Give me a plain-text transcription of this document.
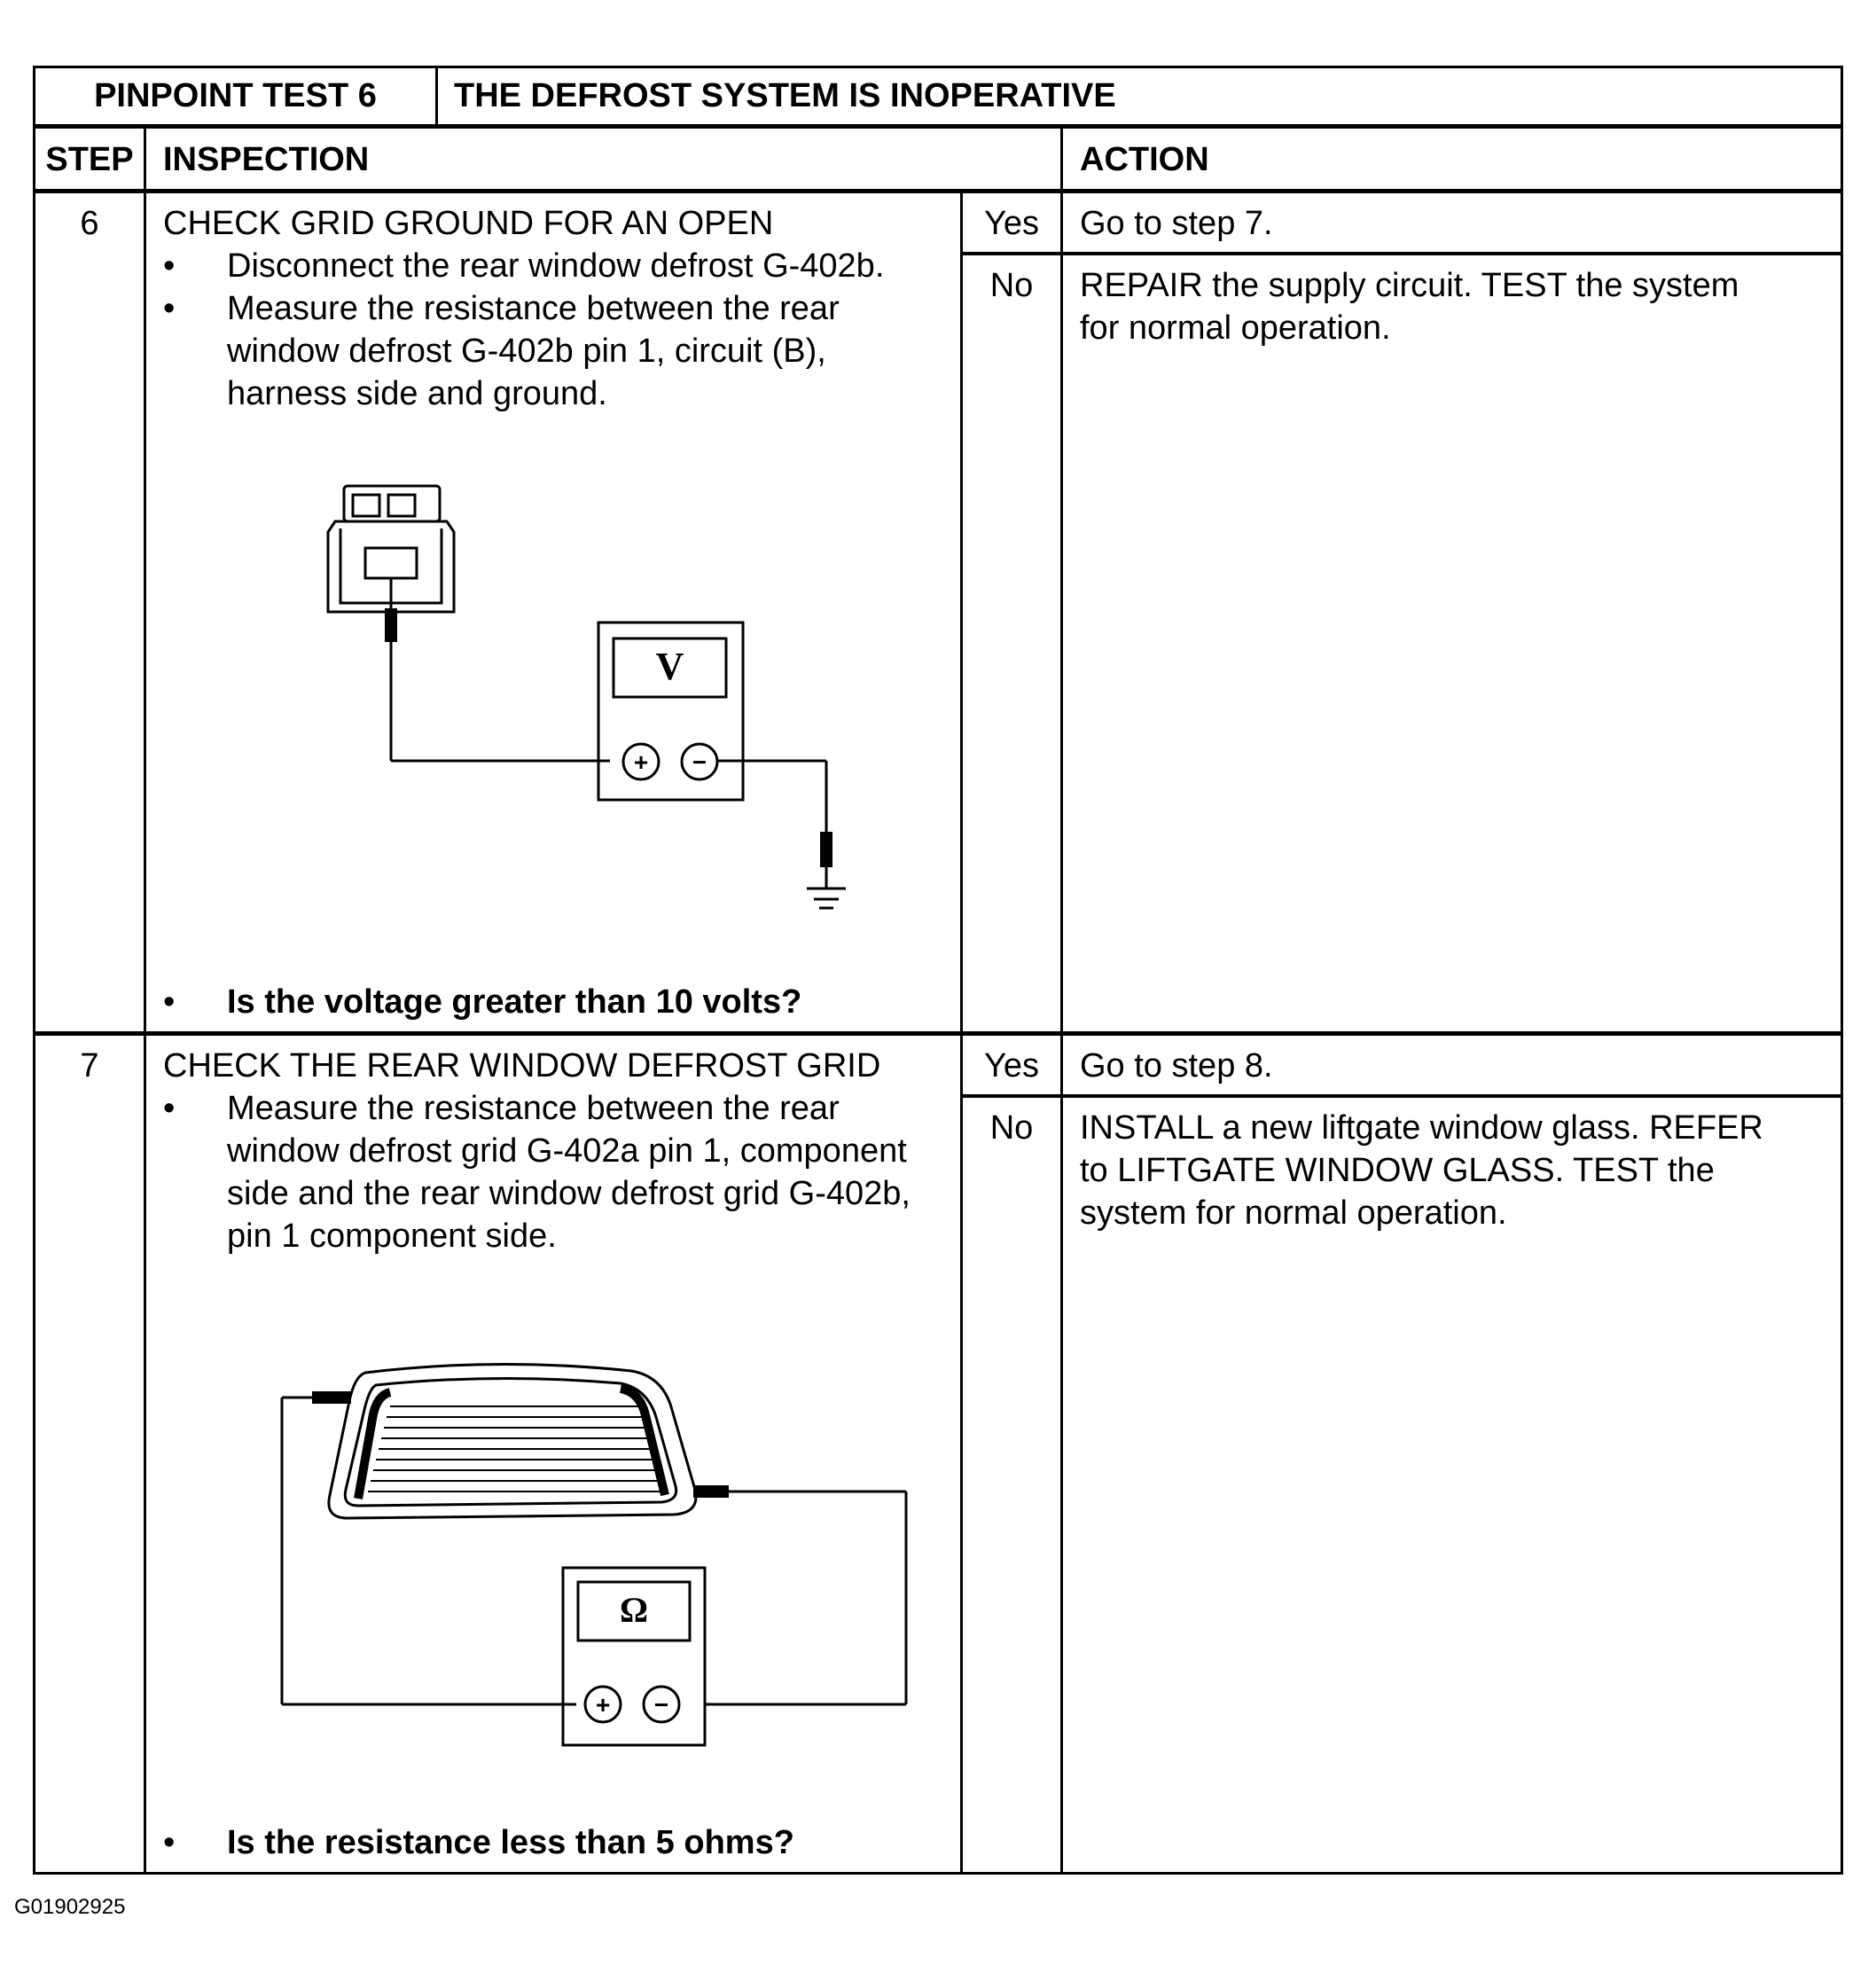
PINPOINT TEST 6	THE DEFROST SYSTEM IS INOPERATIVE
STEP INSPECTION	ACTION
6	CHECK GRID GROUND FOR AN OPEN
• Disconnect the rear window defrost G-402b.
• Measure the resistance between the rear
window defrost G-402b pin 1, circuit (B),
harness side and ground.
V
+	−
• Is the voltage greater than 10 volts?
Yes	Go to step 7.
No	REPAIR the supply circuit. TEST the system
for normal operation.
7	CHECK THE REAR WINDOW DEFROST GRID
• Measure the resistance between the rear
window defrost grid G-402a pin 1, component
side and the rear window defrost grid G-402b,
pin 1 component side.
Ω
+	−
• Is the resistance less than 5 ohms?
Yes	Go to step 8.
No	INSTALL a new liftgate window glass. REFER
to LIFTGATE WINDOW GLASS. TEST the
system for normal operation.
G01902925
